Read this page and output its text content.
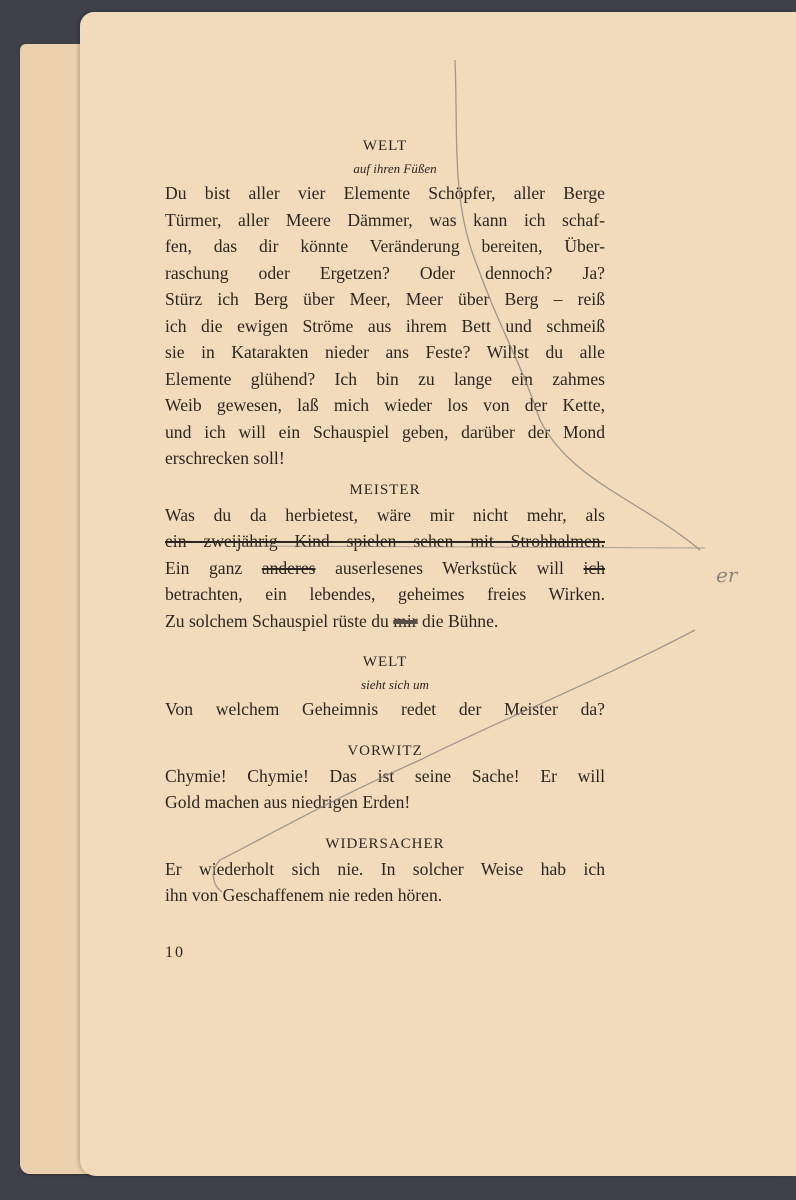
WELT
auf ihren Füßen
Du bist aller vier Elemente Schöpfer, aller Berge
Türmer, aller Meere Dämmer, was kann ich schaf-
fen, das dir könnte Veränderung bereiten, Über-
raschung oder Ergetzen? Oder dennoch? Ja?
Stürz ich Berg über Meer, Meer über Berg – reiß
ich die ewigen Ströme aus ihrem Bett und schmeiß
sie in Katarakten nieder ans Feste? Willst du alle
Elemente glühend? Ich bin zu lange ein zahmes
Weib gewesen, laß mich wieder los von der Kette,
und ich will ein Schauspiel geben, darüber der Mond
erschrecken soll!
MEISTER
Was du da herbietest, wäre mir nicht mehr, als
ein zweijährig Kind spielen sehen mit Strohhalmen.
Ein ganz anderes auserlesenes Werkstück will ich
betrachten, ein lebendes, geheimes freies Wirken.
Zu solchem Schauspiel rüste du mir die Bühne.
WELT
sieht sich um
Von welchem Geheimnis redet der Meister da?
VORWITZ
Chymie! Chymie! Das ist seine Sache! Er will
Gold machen aus niedrigen Erden!
WIDERSACHER
Er wiederholt sich nie. In solcher Weise hab ich
ihn von Geschaffenem nie reden hören.
10
er
